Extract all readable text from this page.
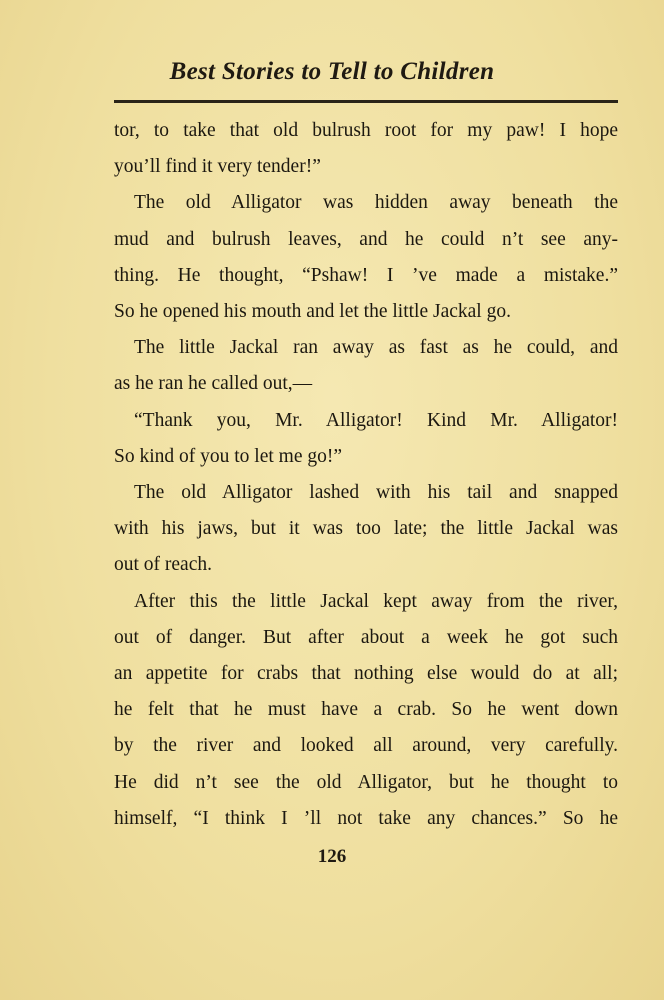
Best Stories to Tell to Children
tor, to take that old bulrush root for my paw! I hope
you’ll find it very tender!”
The old Alligator was hidden away beneath the
mud and bulrush leaves, and he could n’t see any-
thing. He thought, “Pshaw! I ’ve made a mistake.”
So he opened his mouth and let the little Jackal go.
The little Jackal ran away as fast as he could, and
as he ran he called out,—
“Thank you, Mr. Alligator! Kind Mr. Alligator!
So kind of you to let me go!”
The old Alligator lashed with his tail and snapped
with his jaws, but it was too late; the little Jackal was
out of reach.
After this the little Jackal kept away from the river,
out of danger. But after about a week he got such
an appetite for crabs that nothing else would do at all;
he felt that he must have a crab. So he went down
by the river and looked all around, very carefully.
He did n’t see the old Alligator, but he thought to
himself, “I think I ’ll not take any chances.” So he
126
